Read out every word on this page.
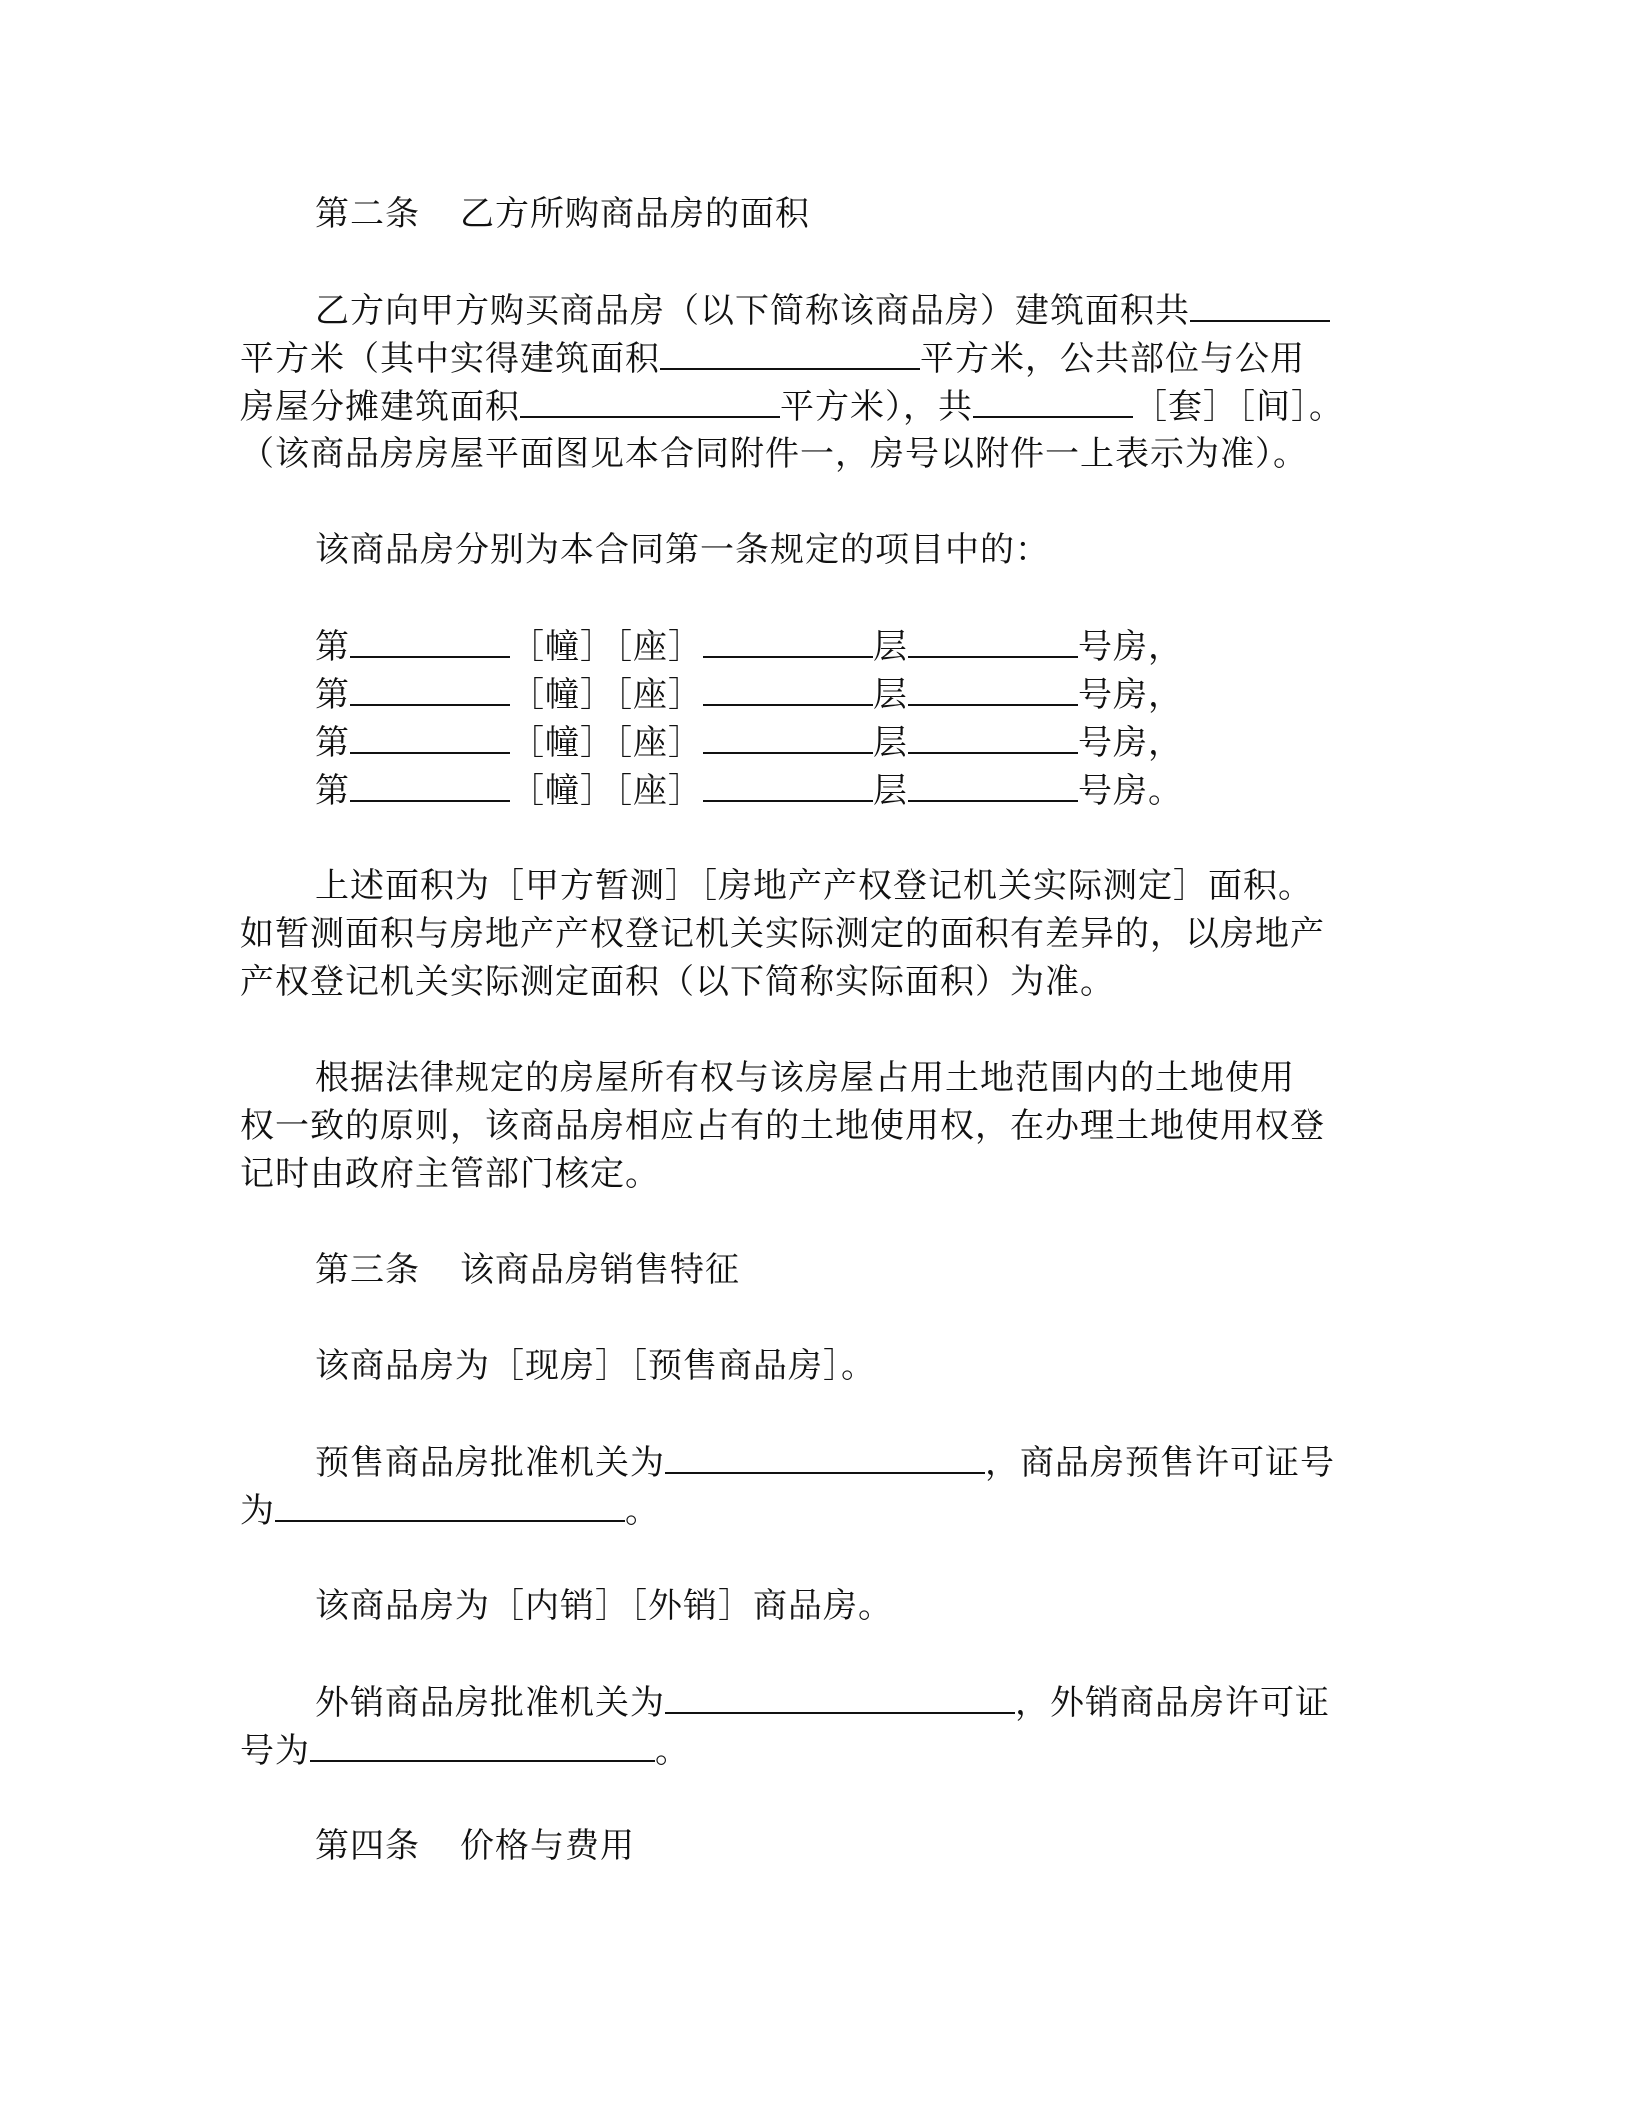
第二条 乙方所购商品房的面积
乙方向甲方购买商品房（以下简称该商品房）建筑面积共
平方米（其中实得建筑面积	平方米，公共部位与公用
房屋分摊建筑面积	平方米），共	［套］［间］。
（该商品房房屋平面图见本合同附件一，房号以附件一上表示为准）。
该商品房分别为本合同第一条规定的项目中的：
第	［幢］［座］	层	号房，
第	［幢］［座］	层	号房，
第	［幢］［座］	层	号房，
第	［幢］［座］	层	号房。
上述面积为［甲方暂测］［房地产产权登记机关实际测定］面积。
如暂测面积与房地产产权登记机关实际测定的面积有差异的，以房地产
产权登记机关实际测定面积（以下简称实际面积）为准。
根据法律规定的房屋所有权与该房屋占用土地范围内的土地使用
权一致的原则，该商品房相应占有的土地使用权，在办理土地使用权登
记时由政府主管部门核定。
第三条 该商品房销售特征
该商品房为［现房］［预售商品房］。
预售商品房批准机关为	，商品房预售许可证号
为	。
该商品房为［内销］［外销］商品房。
外销商品房批准机关为	，外销商品房许可证
号为	。
第四条 价格与费用
